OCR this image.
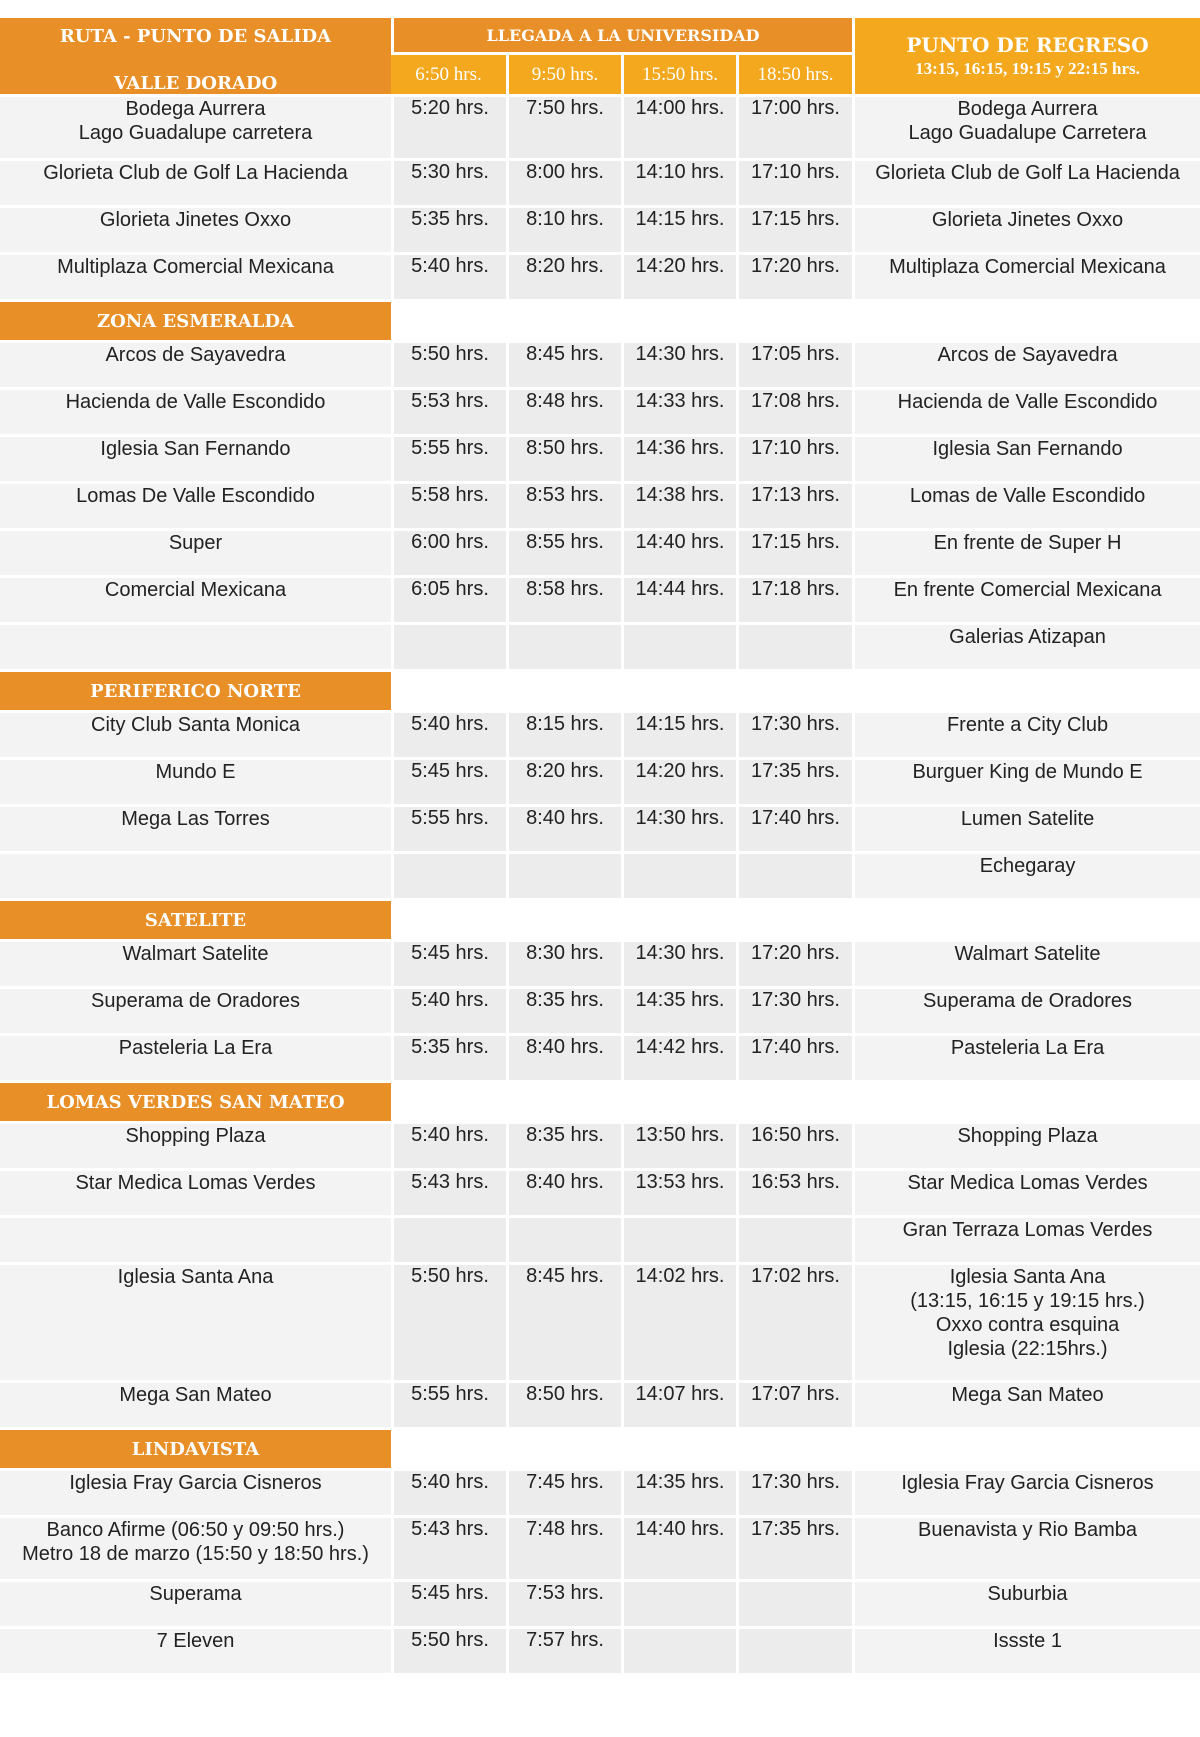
RUTA - PUNTO DE SALIDA
VALLE DORADO	LLEGADA A LA UNIVERSIDAD				PUNTO DE REGRESO
13:15, 16:15, 19:15 y 22:15 hrs.

	6:50 hrs.	9:50 hrs.	15:50 hrs.	18:50 hrs.	

Bodega Aurrera
Lago Guadalupe carretera	5:20 hrs.	7:50 hrs.	14:00 hrs.	17:00 hrs.	Bodega Aurrera
Lago Guadalupe Carretera

Glorieta Club de Golf La Hacienda	5:30 hrs.	8:00 hrs.	14:10 hrs.	17:10 hrs.	Glorieta Club de Golf La Hacienda

Glorieta Jinetes Oxxo	5:35 hrs.	8:10 hrs.	14:15 hrs.	17:15 hrs.	Glorieta Jinetes Oxxo

Multiplaza Comercial Mexicana	5:40 hrs.	8:20 hrs.	14:20 hrs.	17:20 hrs.	Multiplaza Comercial Mexicana

ZONA ESMERALDA					

Arcos de Sayavedra	5:50 hrs.	8:45 hrs.	14:30 hrs.	17:05 hrs.	Arcos de Sayavedra

Hacienda de Valle Escondido	5:53 hrs.	8:48 hrs.	14:33 hrs.	17:08 hrs.	Hacienda de Valle Escondido

Iglesia San Fernando	5:55 hrs.	8:50 hrs.	14:36 hrs.	17:10 hrs.	Iglesia San Fernando

Lomas De Valle Escondido	5:58 hrs.	8:53 hrs.	14:38 hrs.	17:13 hrs.	Lomas de Valle Escondido

Super	6:00 hrs.	8:55 hrs.	14:40 hrs.	17:15 hrs.	En frente de Super H

Comercial Mexicana	6:05 hrs.	8:58 hrs.	14:44 hrs.	17:18 hrs.	En frente Comercial Mexicana

					Galerias Atizapan

PERIFERICO NORTE					

City Club Santa Monica	5:40 hrs.	8:15 hrs.	14:15 hrs.	17:30 hrs.	Frente a City Club

Mundo E	5:45 hrs.	8:20 hrs.	14:20 hrs.	17:35 hrs.	Burguer King de Mundo E

Mega Las Torres	5:55 hrs.	8:40 hrs.	14:30 hrs.	17:40 hrs.	Lumen Satelite

					Echegaray

SATELITE					

Walmart Satelite	5:45 hrs.	8:30 hrs.	14:30 hrs.	17:20 hrs.	Walmart Satelite

Superama de Oradores	5:40 hrs.	8:35 hrs.	14:35 hrs.	17:30 hrs.	Superama de Oradores

Pasteleria La Era	5:35 hrs.	8:40 hrs.	14:42 hrs.	17:40 hrs.	Pasteleria La Era

LOMAS VERDES SAN MATEO					

Shopping Plaza	5:40 hrs.	8:35 hrs.	13:50 hrs.	16:50 hrs.	Shopping Plaza

Star Medica Lomas Verdes	5:43 hrs.	8:40 hrs.	13:53 hrs.	16:53 hrs.	Star Medica Lomas Verdes

					Gran Terraza Lomas Verdes

Iglesia Santa Ana	5:50 hrs.	8:45 hrs.	14:02 hrs.	17:02 hrs.	Iglesia Santa Ana
(13:15, 16:15 y 19:15 hrs.)
Oxxo contra esquina
Iglesia (22:15hrs.)

Mega San Mateo	5:55 hrs.	8:50 hrs.	14:07 hrs.	17:07 hrs.	Mega San Mateo

LINDAVISTA					

Iglesia Fray Garcia Cisneros	5:40 hrs.	7:45 hrs.	14:35 hrs.	17:30 hrs.	Iglesia Fray Garcia Cisneros

Banco Afirme (06:50 y 09:50 hrs.)
Metro 18 de marzo (15:50 y 18:50 hrs.)	5:43 hrs.	7:48 hrs.	14:40 hrs.	17:35 hrs.	Buenavista y Rio Bamba

Superama	5:45 hrs.	7:53 hrs.			Suburbia

7 Eleven	5:50 hrs.	7:57 hrs.			Issste 1
